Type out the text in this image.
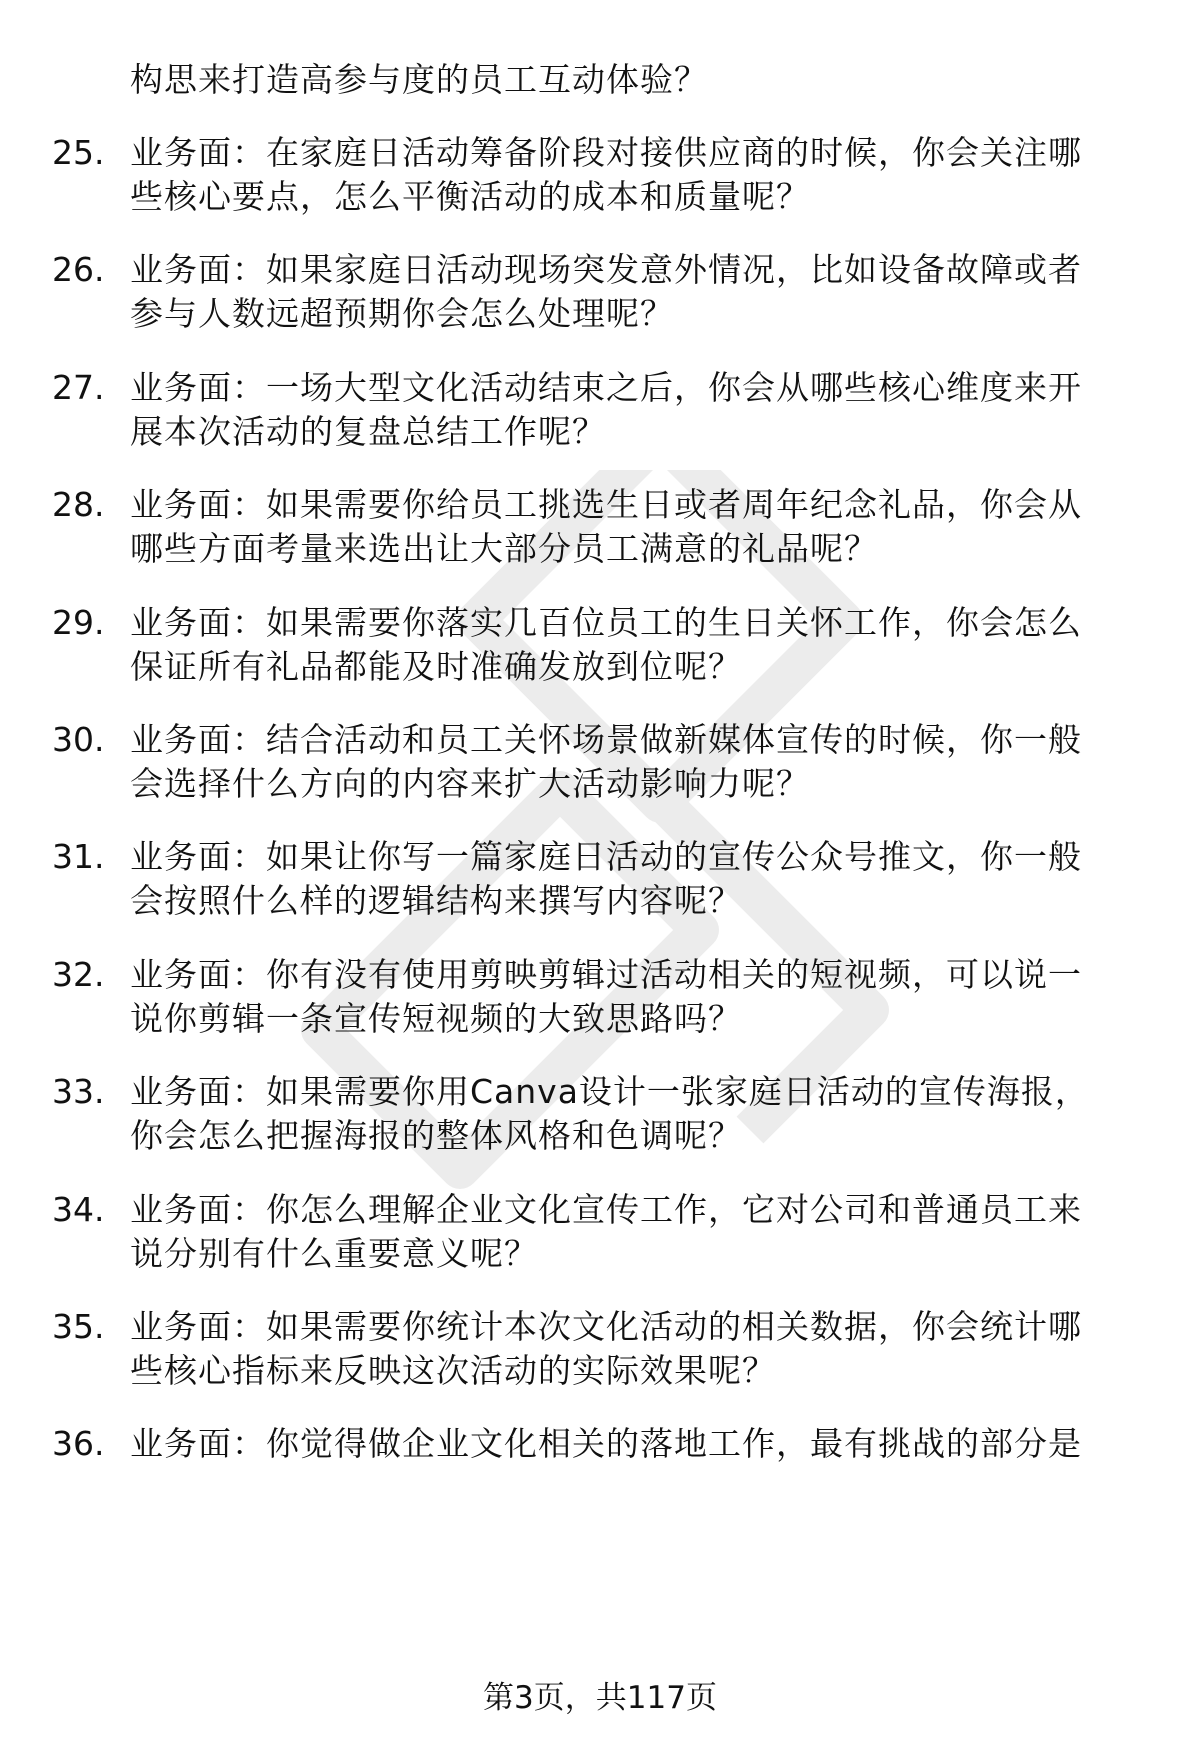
构思来打造高参与度的员工互动体验？
25. 业务面：在家庭日活动筹备阶段对接供应商的时候，你会关注哪
些核心要点，怎么平衡活动的成本和质量呢？
26. 业务面：如果家庭日活动现场突发意外情况，比如设备故障或者
参与人数远超预期你会怎么处理呢？
27. 业务面：一场大型文化活动结束之后，你会从哪些核心维度来开
展本次活动的复盘总结工作呢？
28. 业务面：如果需要你给员工挑选生日或者周年纪念礼品，你会从
哪些方面考量来选出让大部分员工满意的礼品呢？
29. 业务面：如果需要你落实几百位员工的生日关怀工作，你会怎么
保证所有礼品都能及时准确发放到位呢？
30. 业务面：结合活动和员工关怀场景做新媒体宣传的时候，你一般
会选择什么方向的内容来扩大活动影响力呢？
31. 业务面：如果让你写一篇家庭日活动的宣传公众号推文，你一般
会按照什么样的逻辑结构来撰写内容呢？
32. 业务面：你有没有使用剪映剪辑过活动相关的短视频，可以说一
说你剪辑一条宣传短视频的大致思路吗？
33. 业务面：如果需要你用Canva设计一张家庭日活动的宣传海报，
你会怎么把握海报的整体风格和色调呢？
34. 业务面：你怎么理解企业文化宣传工作，它对公司和普通员工来
说分别有什么重要意义呢？
35. 业务面：如果需要你统计本次文化活动的相关数据，你会统计哪
些核心指标来反映这次活动的实际效果呢？
36. 业务面：你觉得做企业文化相关的落地工作，最有挑战的部分是
第3页，共117页
